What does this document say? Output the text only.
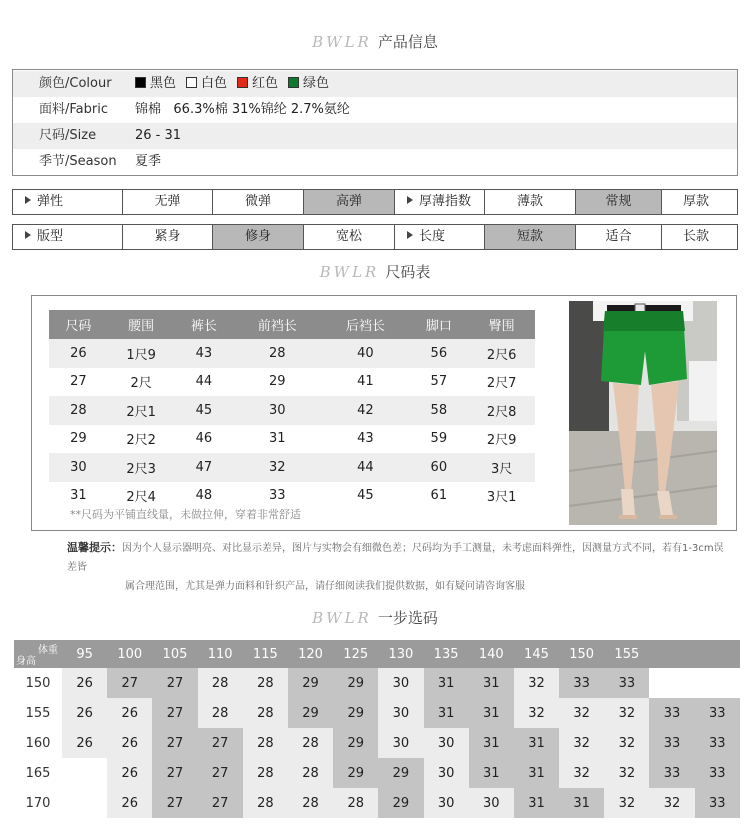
BWLR 产品信息
颜色/Colour	黑色 白色 红色 绿色
面料/Fabric 锦棉   66.3%棉 31%锦纶 2.7%氨纶
尺码/Size	26 - 31
季节/Season 夏季
弹性	无弹	微弹	高弹	厚薄指数	薄款	常规	厚款
版型	紧身	修身	宽松	长度	短款	适合	长款
BWLR 尺码表
尺码	腰围	裤长	前裆长	后裆长	脚口	臀围
26	1尺9	43	28	40	56	2尺6
27	2尺	44	29	41	57	2尺7
28	2尺1	45	30	42	58	2尺8
29	2尺2	46	31	43	59	2尺9
30	2尺3	47	32	44	60	3尺
31	2尺4	48	33	45	61	3尺1
**尺码为平铺直线量，未做拉伸，穿着非常舒适
温馨提示：因为个人显示器明亮、对比显示差异，图片与实物会有细微色差；尺码均为手工测量，未考虑面料弹性，因测量方式不同，若有1-3cm误差皆
属合理范围，尤其是弹力面料和针织产品，请仔细阅读我们提供数据，如有疑问请咨询客服
BWLR 一步选码
体重
身高	95	100	105	110	115	120	125	130	135	140	145	150	155		
150	26	27	27	28	28	29	29	30	31	31	32	33	33		
155	26	26	27	28	28	29	29	30	31	31	32	32	32	33	33
160	26	26	27	27	28	28	29	30	30	31	31	32	32	33	33
165		26	27	27	28	28	29	29	30	31	31	32	32	33	33
170		26	27	27	28	28	28	29	30	30	31	31	32	32	33
